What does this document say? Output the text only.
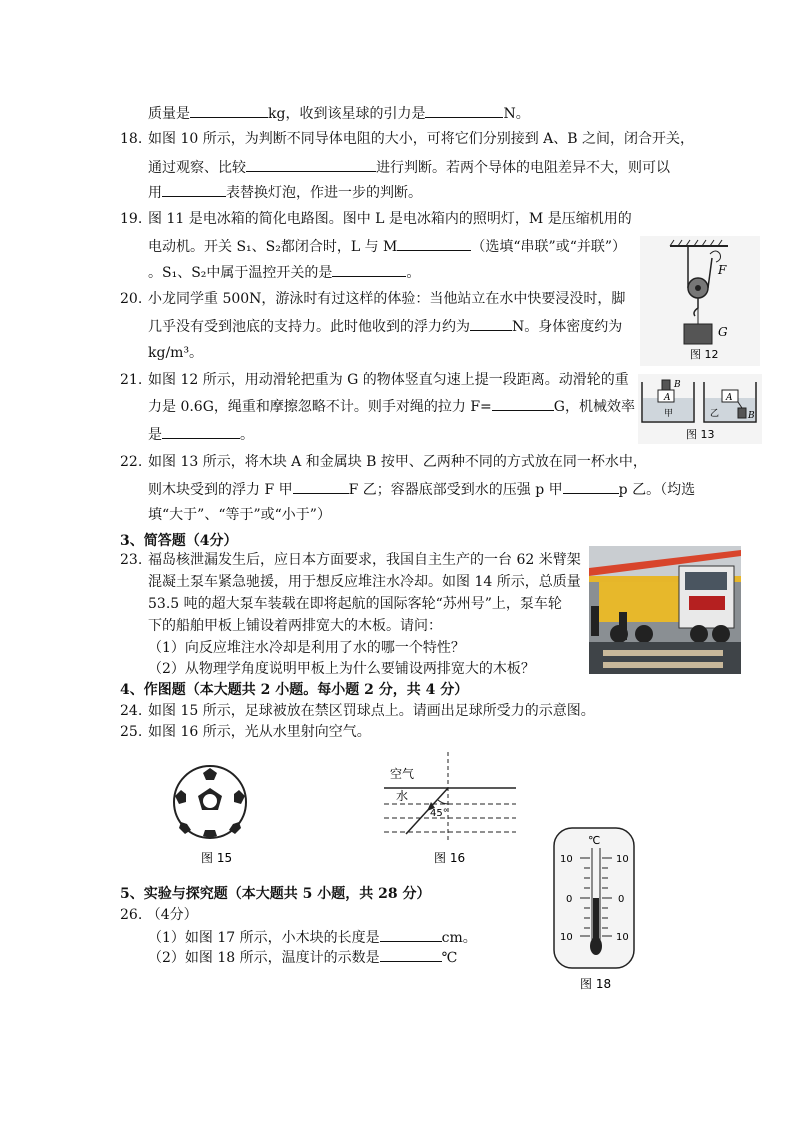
质量是	kg，收到该星球的引力是	N。
18. 如图 10 所示，为判断不同导体电阻的大小，可将它们分别接到 A、B 之间，闭合开关，
通过观察、比较	进行判断。若两个导体的电阻差异不大，则可以
用	表替换灯泡，作进一步的判断。
19. 图 11 是电冰箱的简化电路图。图中 L 是电冰箱内的照明灯，M 是压缩机用的
电动机。开关 S₁、S₂都闭合时，L 与 M	（选填“串联”或“并联”）
。S₁、S₂中属于温控开关的是	。
20. 小龙同学重 500N，游泳时有过这样的体验：当他站立在水中快要浸没时，脚
几乎没有受到池底的支持力。此时他收到的浮力约为	N。身体密度约为
kg/m³。
21. 如图 12 所示，用动滑轮把重为 G 的物体竖直匀速上提一段距离。动滑轮的重
力是 0.6G，绳重和摩擦忽略不计。则手对绳的拉力 F=	G，机械效率
是	。
22. 如图 13 所示，将木块 A 和金属块 B 按甲、乙两种不同的方式放在同一杯水中，
则木块受到的浮力 F 甲	F 乙；容器底部受到水的压强 p 甲	p 乙。（均选
填“大于”、“等于”或“小于”）
3、简答题（4分）
23. 福岛核泄漏发生后，应日本方面要求，我国自主生产的一台 62 米臂架
混凝土泵车紧急驰援，用于想反应堆注水冷却。如图 14 所示，总质量
53.5 吨的超大泵车装载在即将起航的国际客轮“苏州号”上，泵车轮
下的船舶甲板上铺设着两排宽大的木板。请问：
（1）向反应堆注水冷却是利用了水的哪一个特性？
（2）从物理学角度说明甲板上为什么要铺设两排宽大的木板？
4、作图题（本大题共 2 小题。每小题 2 分，共 4 分）
24. 如图 15 所示，足球被放在禁区罚球点上。请画出足球所受力的示意图。
25. 如图 16 所示，光从水里射向空气。
5、实验与探究题（本大题共 5 小题，共 28 分）
26. （4分）
（1）如图 17 所示，小木块的长度是	cm。
（2）如图 18 所示，温度计的示数是	℃
F
G
图 12
A
B
甲
A
B
乙
图 13
图 15
空气
水
45°
图 16
℃
10	10
0	0
10	10
图 18
